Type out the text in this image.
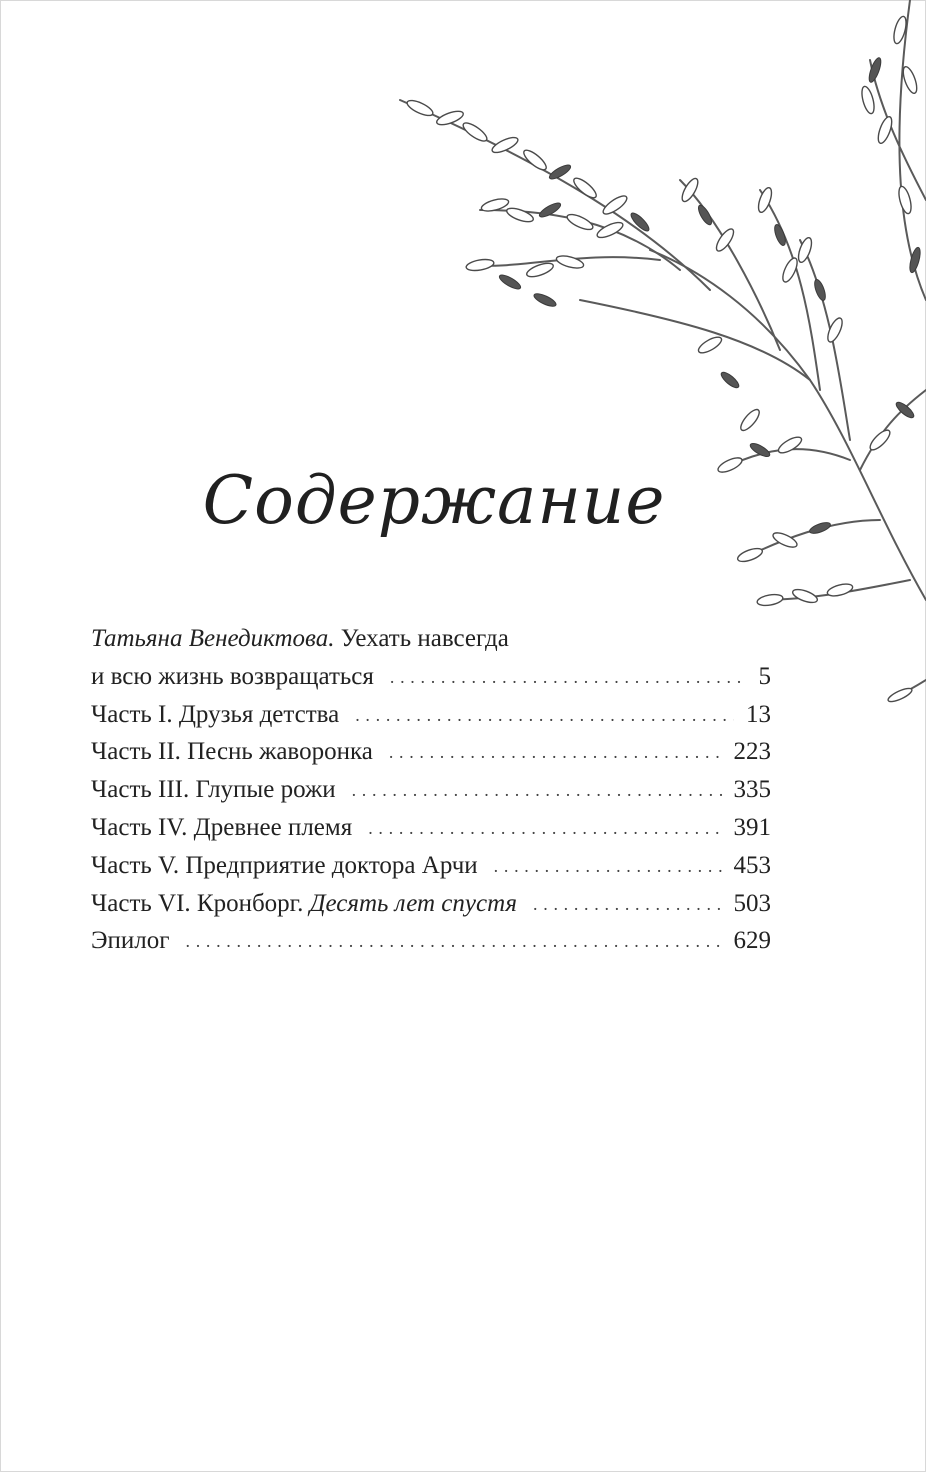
Содержание
Татьяна Венедиктова. Уехать навсегда
и всю жизнь возвращаться . . .	5
Часть I. Друзья детства . . .	13
Часть II. Песнь жаворонка . . .	223
Часть III. Глупые рожи . . .	335
Часть IV. Древнее племя . . .	391
Часть V. Предприятие доктора Арчи . . .	453
Часть VI. Кронборг. Десять лет спустя . . .	503
Эпилог . . .	629
